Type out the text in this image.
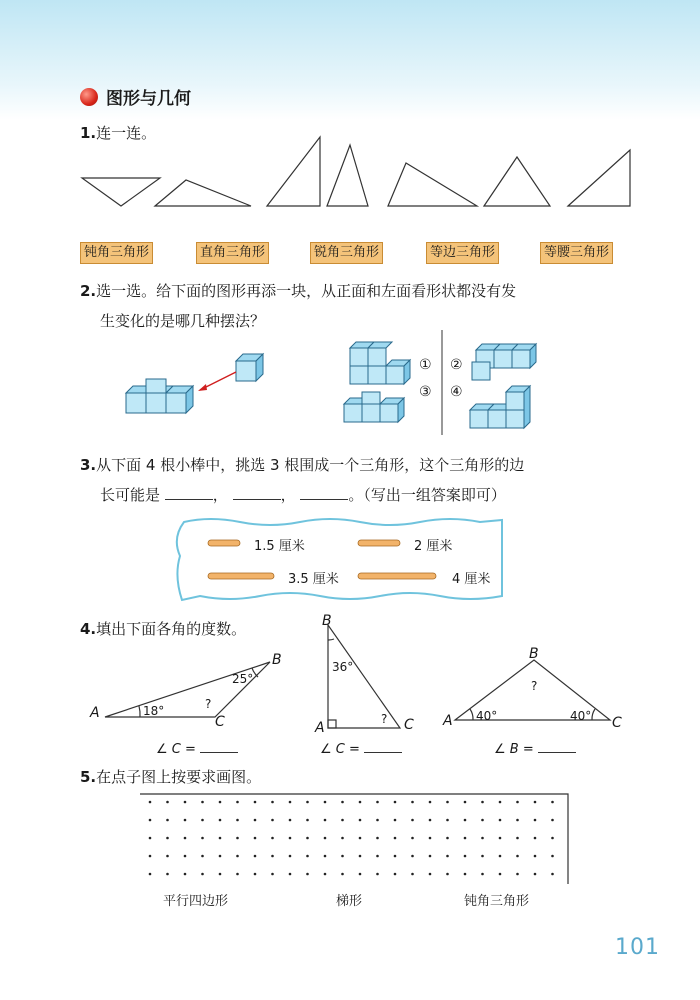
图形与几何
1.连一连。
钝角三角形	直角三角形	锐角三角形	等边三角形	等腰三角形
2.选一选。给下面的图形再添一块，从正面和左面看形状都没有发
生变化的是哪几种摆法？
① ②
③ ④
3.从下面 4 根小棒中，挑选 3 根围成一个三角形，这个三角形的边
长可能是	，	，	。（写出一组答案即可）
1.5 厘米	2 厘米
3.5 厘米	4 厘米
4.填出下面各角的度数。
A
B
C
18°
25°
?
B
A	C
36°
?
B
A	C
40°	40°
?
∠ C =	∠ C =	∠ B =
5.在点子图上按要求画图。
平行四边形	梯形	钝角三角形
101
